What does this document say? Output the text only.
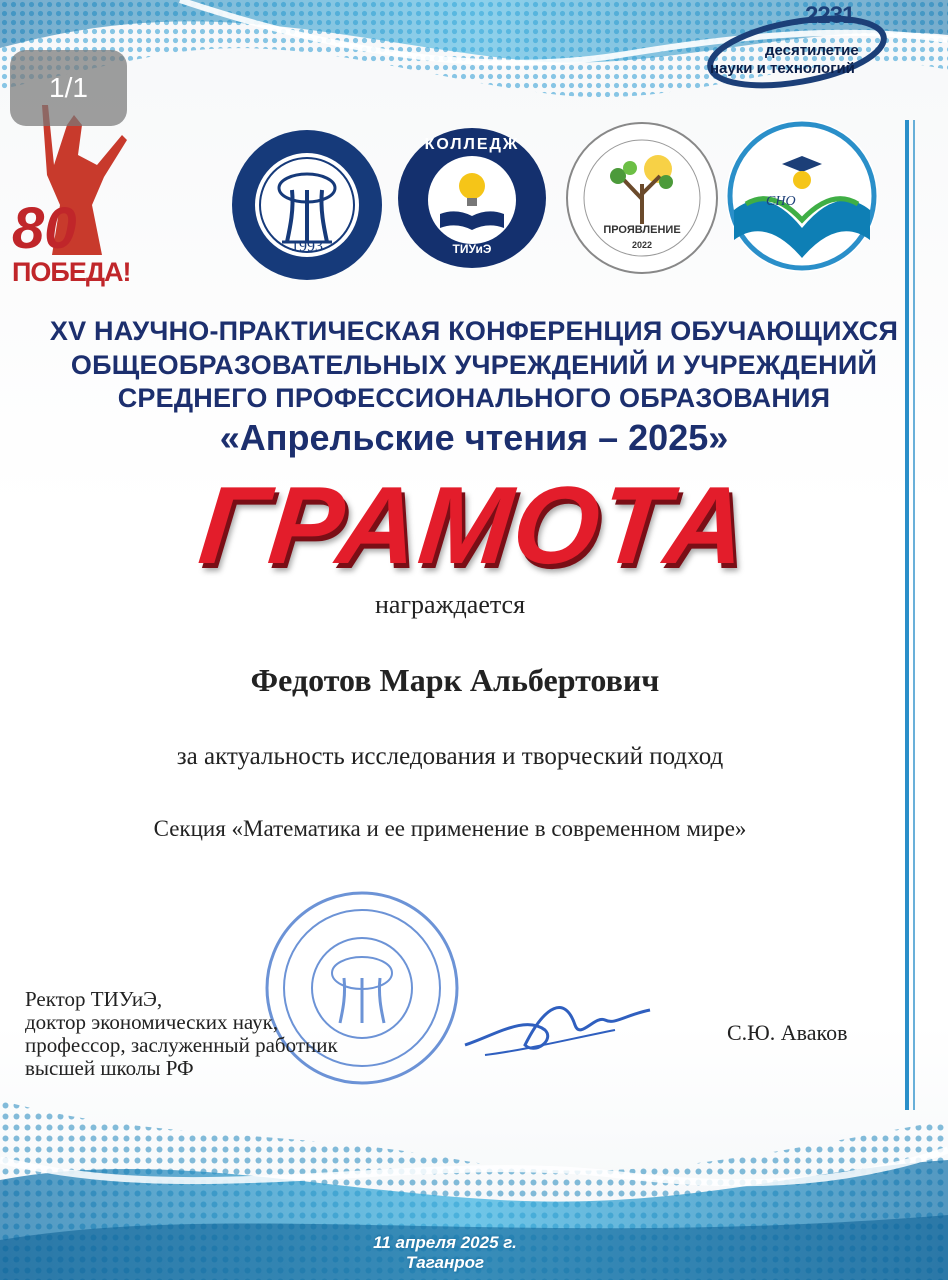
1/1
2231
десятилетие
науки и технологий
80
ПОБЕДА!
1993
КОЛЛЕДЖ
ТИУиЭ
ПРОЯВЛЕНИЕ
2022
СНО
XV НАУЧНО-ПРАКТИЧЕСКАЯ КОНФЕРЕНЦИЯ ОБУЧАЮЩИХСЯ
ОБЩЕОБРАЗОВАТЕЛЬНЫХ УЧРЕЖДЕНИЙ И УЧРЕЖДЕНИЙ
СРЕДНЕГО ПРОФЕССИОНАЛЬНОГО ОБРАЗОВАНИЯ
«Апрельские чтения – 2025»
ГРАМОТА
награждается
Федотов Марк Альбертович
за актуальность исследования и творческий подход
Секция «Математика и ее применение в современном мире»
Ректор ТИУиЭ,
доктор экономических наук,
профессор, заслуженный работник
высшей школы РФ
С.Ю. Аваков
11 апреля 2025 г.
Таганрог
